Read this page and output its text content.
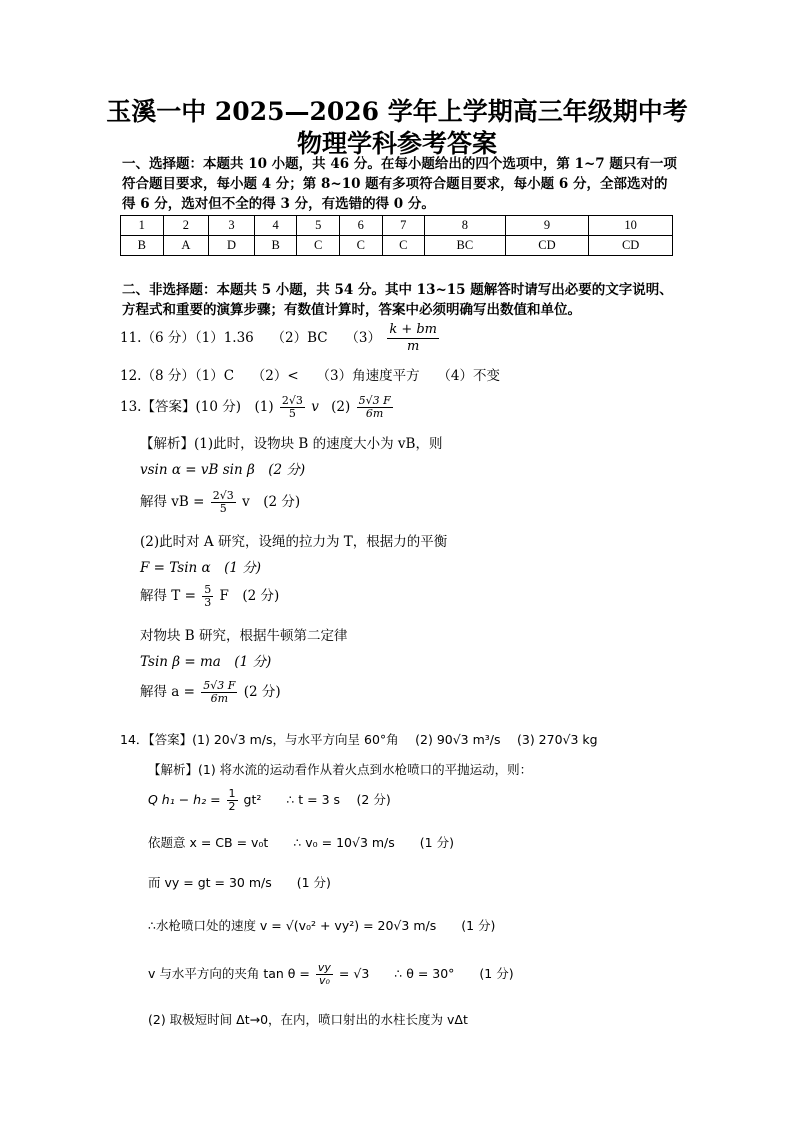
玉溪一中 2025—2026 学年上学期高三年级期中考
物理学科参考答案
一、选择题：本题共 10 小题，共 46 分。在每小题给出的四个选项中，第 1~7 题只有一项
符合题目要求，每小题 4 分；第 8~10 题有多项符合题目要求，每小题 6 分，全部选对的
得 6 分，选对但不全的得 3 分，有选错的得 0 分。
1	2	3	4	5	6	7	8	9	10
B	A	D	B	C	C	C	BC	CD	CD
二、非选择题：本题共 5 小题，共 54 分。其中 13~15 题解答时请写出必要的文字说明、
方程式和重要的演算步骤；有数值计算时，答案中必须明确写出数值和单位。
11.（6 分）（1）1.36　 （2）BC　 $(3) \frac{k + bm}{m}$
12.（8 分）（1）C　 （2）<　 （3）角速度平方　 （4）不变
13.【答案】(10 分)　$(1) \frac{2√3}{5}$ v $(2) \frac{5√3 F}{6m}$
【解析】(1)此时，设物块 B 的速度大小为 vB，则
vsin α = vB sin β　(2 分)
解得 vB = $\frac{2√3}{5}$ v　(2 分)
(2)此时对 A 研究，设绳的拉力为 T，根据力的平衡
F = Tsin α　(1 分)
解得 $T = \frac{5}{3}$ F　(2 分)
对物块 B 研究，根据牛顿第二定律
Tsin β = ma　(1 分)
解得 $a = \frac{5√3 F}{6m} (2$ 分)
14．【答案】(1) 20√3 m/s，与水平方向呈 60°角　 (2) 90√3 m³/s　 (3) 270√3 kg
【解析】(1) 将水流的运动看作从着火点到水枪喷口的平抛运动，则：
Q $h_1 - h_2 = \frac{1}{2} gt^2$　　∴ t = 3 s　 (2 分)
依题意 x = CB = v₀t　　∴ v₀ = 10√3 m/s　　(1 分)
而 vy = gt = 30 m/s　　(1 分)
∴水枪喷口处的速度 v = √(v₀² + vy²) = 20√3 m/s　　(1 分)
v 与水平方向的夹角 $\tan \theta = \frac{vy}{\text{v₀}} = √3$　　∴ θ = 30°　　(1 分)
(2) 取极短时间 Δt→0，在内，喷口射出的水柱长度为 vΔt
